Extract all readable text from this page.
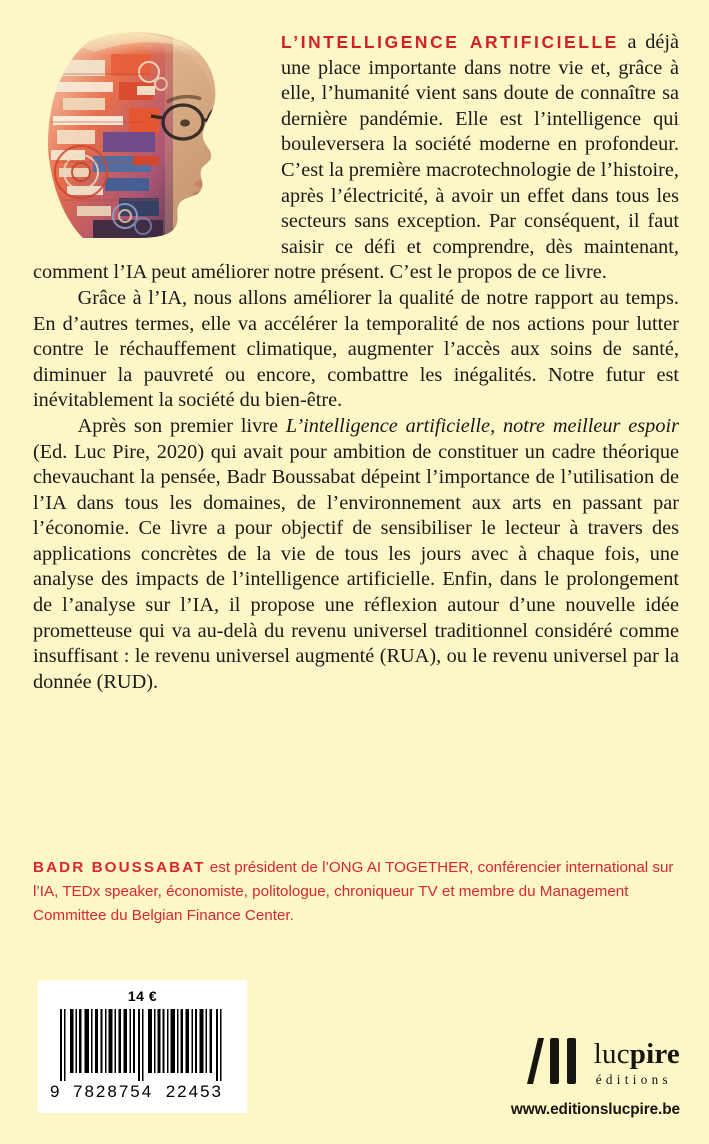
L’INTELLIGENCE ARTIFICIELLE a déjà une place importante dans notre vie et, grâce à elle, l’humanité vient sans doute de connaître sa dernière pandémie. Elle est l’intelligence qui bouleversera la société moderne en profondeur. C’est la première macrotechnologie de l’histoire, après l’électricité, à avoir un effet dans tous les secteurs sans exception. Par conséquent, il faut saisir ce défi et comprendre, dès maintenant, comment l’IA peut améliorer notre présent. C’est le propos de ce livre.

Grâce à l’IA, nous allons améliorer la qualité de notre rapport au temps. En d’autres termes, elle va accélérer la temporalité de nos actions pour lutter contre le réchauffement climatique, augmenter l’accès aux soins de santé, diminuer la pauvreté ou encore, combattre les inégalités. Notre futur est inévitablement la société du bien-être.

Après son premier livre L’intelligence artificielle, notre meilleur espoir (Ed. Luc Pire, 2020) qui avait pour ambition de constituer un cadre théorique chevauchant la pensée, Badr Boussabat dépeint l’importance de l’utilisation de l’IA dans tous les domaines, de l’environnement aux arts en passant par l’économie. Ce livre a pour objectif de sensibiliser le lecteur à travers des applications concrètes de la vie de tous les jours avec à chaque fois, une analyse des impacts de l’intelligence artificielle. Enfin, dans le prolongement de l’analyse sur l’IA, il propose une réflexion autour d’une nouvelle idée prometteuse qui va au-delà du revenu universel traditionnel considéré comme insuffisant : le revenu universel augmenté (RUA), ou le revenu universel par la donnée (RUD).

BADR BOUSSABAT est président de l’ONG AI TOGETHER, conférencier international sur l’IA, TEDx speaker, économiste, politologue, chroniqueur TV et membre du Management Committee du Belgian Finance Center.
14 €
9 7828754 22453
lucpire
éditions
www.editionslucpire.be
